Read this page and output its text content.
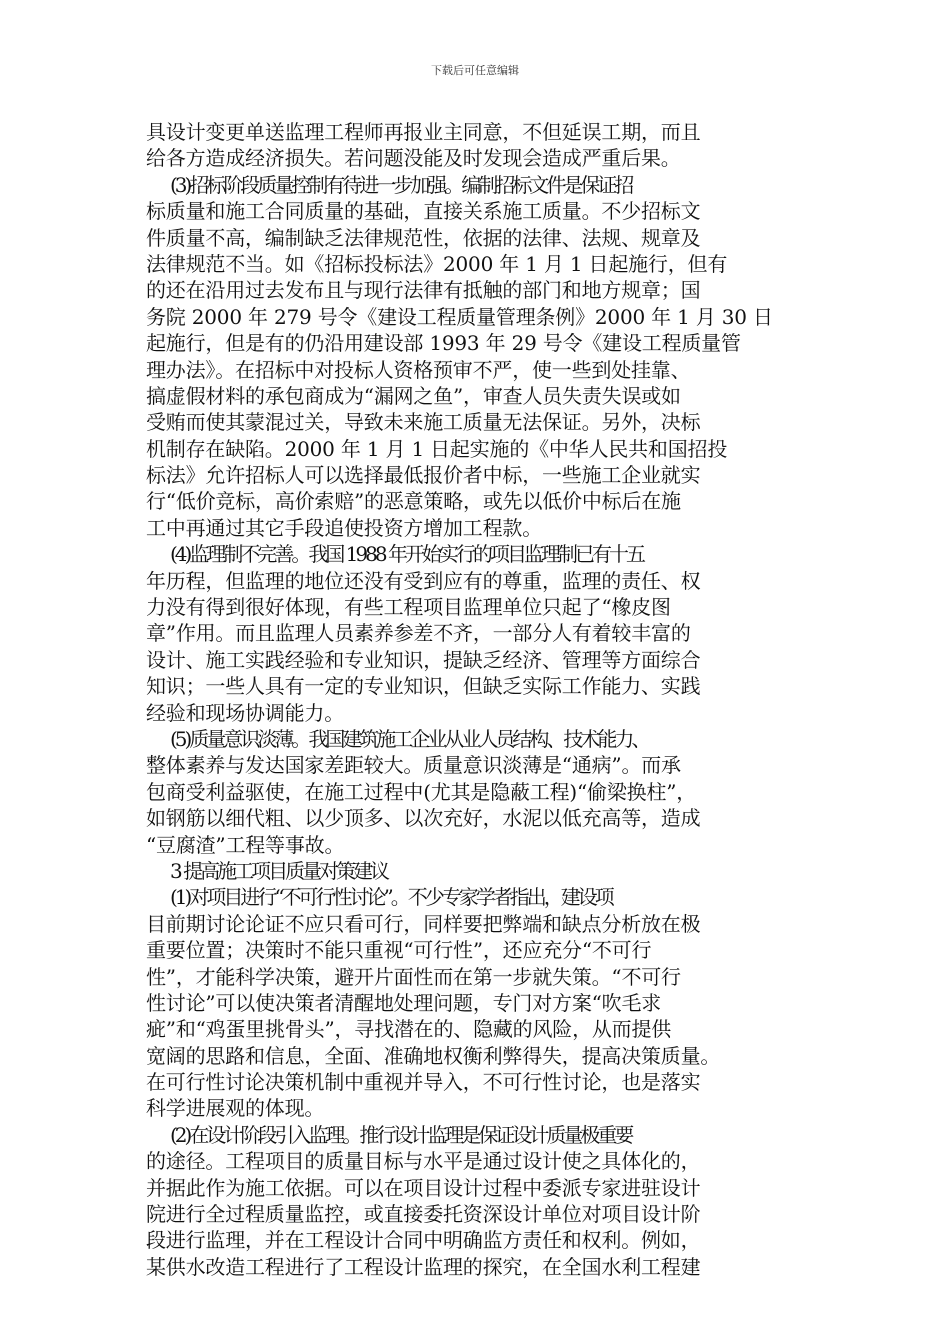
下载后可任意编辑
具设计变更单送监理工程师再报业主同意，不但延误工期，而且
给各方造成经济损失。若问题没能及时发现会造成严重后果。
(3)招标阶段质量控制有待进一步加强。编制招标文件是保证招
标质量和施工合同质量的基础，直接关系施工质量。不少招标文
件质量不高，编制缺乏法律规范性，依据的法律、法规、规章及
法律规范不当。如《招标投标法》2000 年 1 月 1 日起施行，但有
的还在沿用过去发布且与现行法律有抵触的部门和地方规章；国
务院 2000 年 279 号令《建设工程质量管理条例》2000 年 1 月 30 日
起施行，但是有的仍沿用建设部 1993 年 29 号令《建设工程质量管
理办法》。在招标中对投标人资格预审不严，使一些到处挂靠、
搞虚假材料的承包商成为“漏网之鱼”，审查人员失责失误或如
受贿而使其蒙混过关，导致未来施工质量无法保证。另外，决标
机制存在缺陷。2000 年 1 月 1 日起实施的《中华人民共和国招投
标法》允许招标人可以选择最低报价者中标，一些施工企业就实
行“低价竞标，高价索赔”的恶意策略，或先以低价中标后在施
工中再通过其它手段追使投资方增加工程款。
(4)监理制不完善。我国 1988 年开始实行的项目监理制已有十五
年历程，但监理的地位还没有受到应有的尊重，监理的责任、权
力没有得到很好体现，有些工程项目监理单位只起了“橡皮图
章”作用。而且监理人员素养参差不齐，一部分人有着较丰富的
设计、施工实践经验和专业知识，提缺乏经济、管理等方面综合
知识；一些人具有一定的专业知识，但缺乏实际工作能力、实践
经验和现场协调能力。
(5)质量意识淡薄。我国建筑施工企业从业人员结构、技术能力、
整体素养与发达国家差距较大。质量意识淡薄是“通病”。而承
包商受利益驱使，在施工过程中(尤其是隐蔽工程)“偷梁换柱”，
如钢筋以细代粗、以少顶多、以次充好，水泥以低充高等，造成
“豆腐渣”工程等事故。
3 提高施工项目质量对策建议
(1)对项目进行“不可行性讨论”。不少专家学者指出，建设项
目前期讨论论证不应只看可行，同样要把弊端和缺点分析放在极
重要位置；决策时不能只重视“可行性”，还应充分“不可行
性”，才能科学决策，避开片面性而在第一步就失策。“不可行
性讨论”可以使决策者清醒地处理问题，专门对方案“吹毛求
疵”和“鸡蛋里挑骨头”，寻找潜在的、隐藏的风险，从而提供
宽阔的思路和信息，全面、准确地权衡利弊得失，提高决策质量。
在可行性讨论决策机制中重视并导入，不可行性讨论，也是落实
科学进展观的体现。
(2)在设计阶段引入监理。推行设计监理是保证设计质量极重要
的途径。工程项目的质量目标与水平是通过设计使之具体化的，
并据此作为施工依据。可以在项目设计过程中委派专家进驻设计
院进行全过程质量监控，或直接委托资深设计单位对项目设计阶
段进行监理，并在工程设计合同中明确监方责任和权利。例如，
某供水改造工程进行了工程设计监理的探究，在全国水利工程建
